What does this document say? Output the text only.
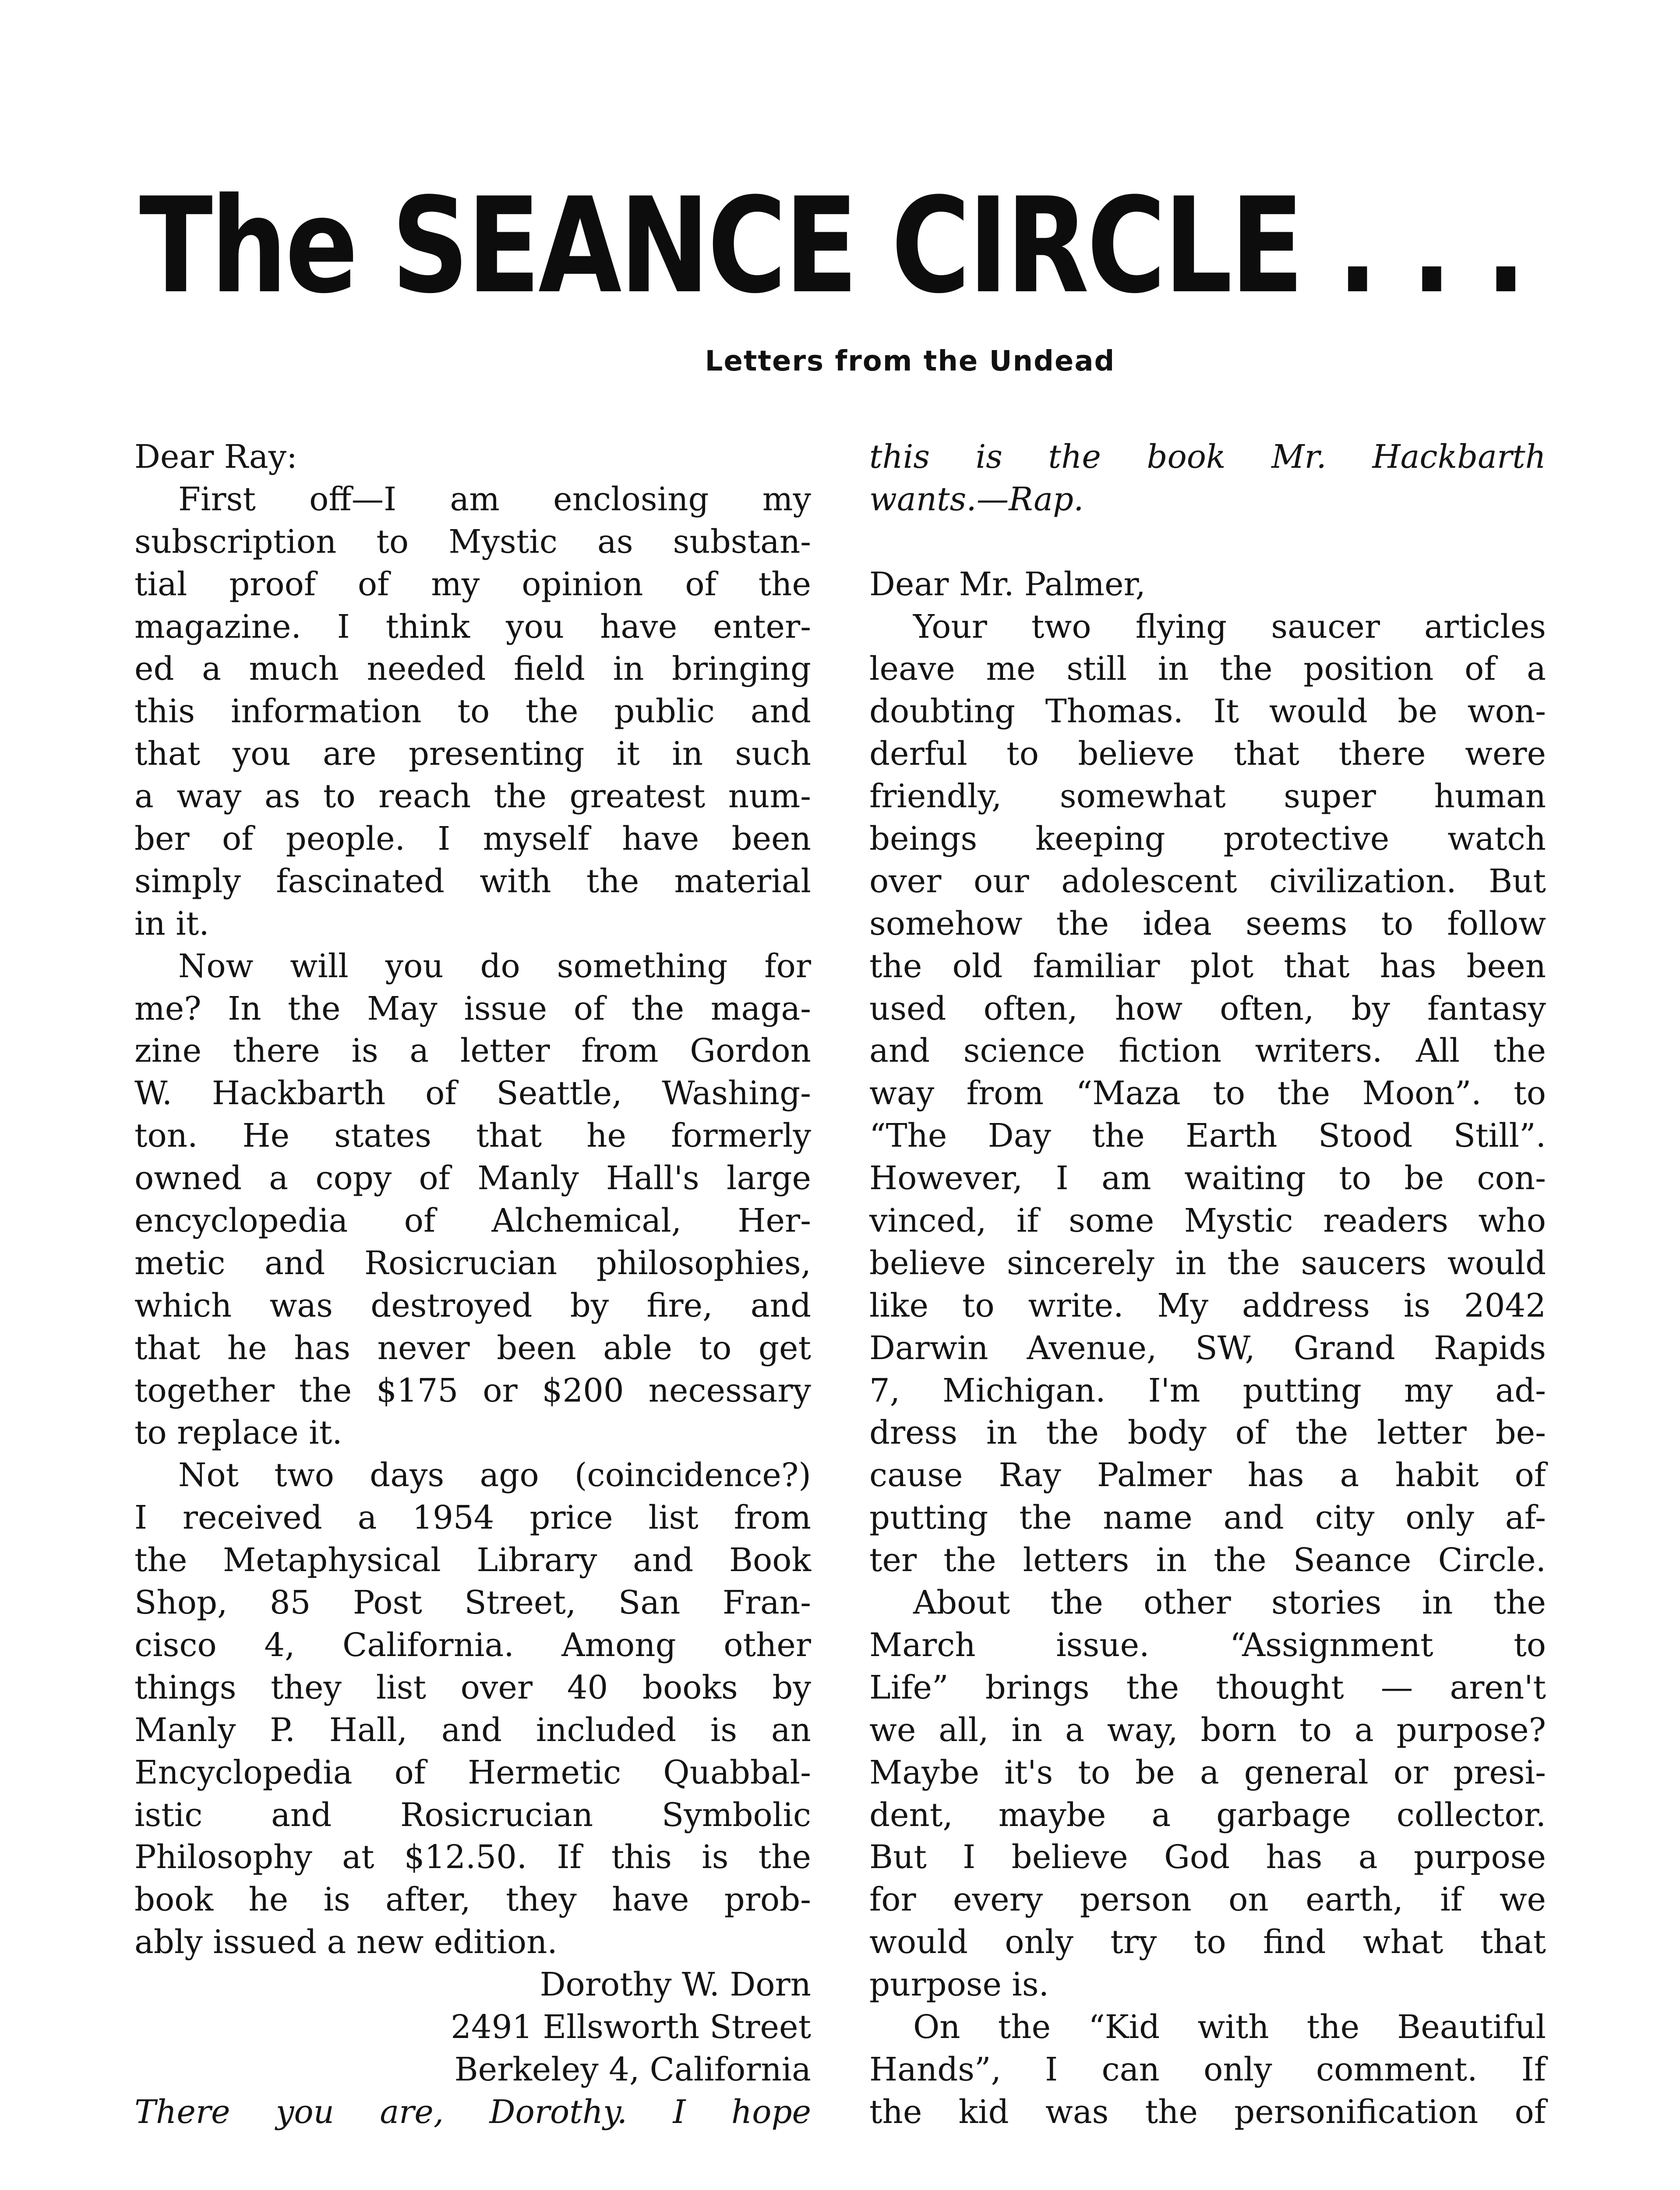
The SEANCE CIRCLE . . .
Letters from the Undead
Dear Ray:
First off—I am enclosing my
subscription to Mystic as substan-
tial proof of my opinion of the
magazine. I think you have enter-
ed a much needed field in bringing
this information to the public and
that you are presenting it in such
a way as to reach the greatest num-
ber of people. I myself have been
simply fascinated with the material
in it.
Now will you do something for
me? In the May issue of the maga-
zine there is a letter from Gordon
W. Hackbarth of Seattle, Washing-
ton. He states that he formerly
owned a copy of Manly Hall's large
encyclopedia of Alchemical, Her-
metic and Rosicrucian philosophies,
which was destroyed by fire, and
that he has never been able to get
together the $175 or $200 necessary
to replace it.
Not two days ago (coincidence?)
I received a 1954 price list from
the Metaphysical Library and Book
Shop, 85 Post Street, San Fran-
cisco 4, California. Among other
things they list over 40 books by
Manly P. Hall, and included is an
Encyclopedia of Hermetic Quabbal-
istic and Rosicrucian Symbolic
Philosophy at $12.50. If this is the
book he is after, they have prob-
ably issued a new edition.
Dorothy W. Dorn
2491 Ellsworth Street
Berkeley 4, California
There you are, Dorothy. I hope
this is the book Mr. Hackbarth
wants.—Rap.
Dear Mr. Palmer,
Your two flying saucer articles
leave me still in the position of a
doubting Thomas. It would be won-
derful to believe that there were
friendly, somewhat super human
beings keeping protective watch
over our adolescent civilization. But
somehow the idea seems to follow
the old familiar plot that has been
used often, how often, by fantasy
and science fiction writers. All the
way from “Maza to the Moon”. to
“The Day the Earth Stood Still”.
However, I am waiting to be con-
vinced, if some Mystic readers who
believe sincerely in the saucers would
like to write. My address is 2042
Darwin Avenue, SW, Grand Rapids
7, Michigan. I'm putting my ad-
dress in the body of the letter be-
cause Ray Palmer has a habit of
putting the name and city only af-
ter the letters in the Seance Circle.
About the other stories in the
March issue. “Assignment to
Life” brings the thought — aren't
we all, in a way, born to a purpose?
Maybe it's to be a general or presi-
dent, maybe a garbage collector.
But I believe God has a purpose
for every person on earth, if we
would only try to find what that
purpose is.
On the “Kid with the Beautiful
Hands”, I can only comment. If
the kid was the personification of
